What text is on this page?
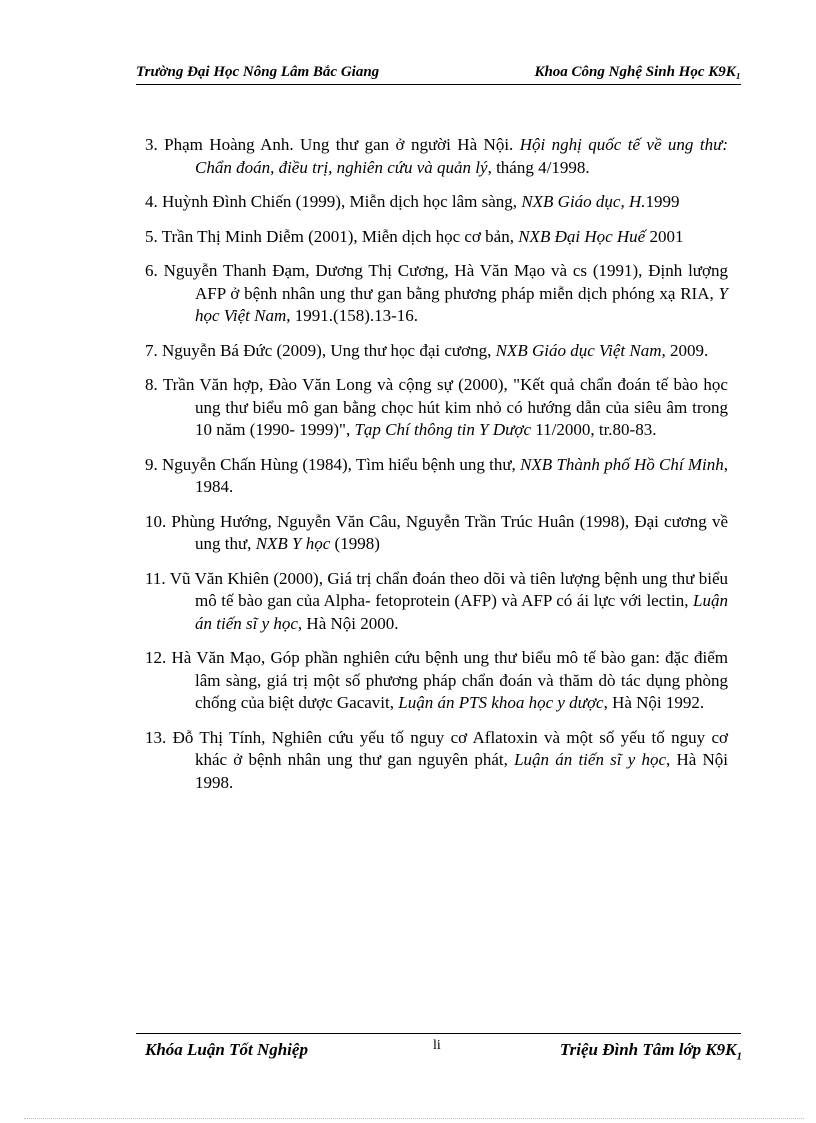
Trường Đại Học Nông Lâm Bắc Giang	Khoa Công Nghệ Sinh Học K9K₁
3. Phạm Hoàng Anh. Ung thư gan ở người Hà Nội. Hội nghị quốc tế về ung thư: Chẩn đoán, điều trị, nghiên cứu và quản lý, tháng 4/1998.
4. Huỳnh Đình Chiến (1999), Miễn dịch học lâm sàng, NXB Giáo dục, H.1999
5. Trần Thị Minh Diễm (2001), Miễn dịch học cơ bản, NXB Đại Học Huế 2001
6. Nguyễn Thanh Đạm, Dương Thị Cương, Hà Văn Mạo và cs (1991), Định lượng AFP ở bệnh nhân ung thư gan bằng phương pháp miễn dịch phóng xạ RIA, Y học Việt Nam, 1991.(158).13-16.
7. Nguyễn Bá Đức (2009), Ung thư học đại cương, NXB Giáo dục Việt Nam, 2009.
8. Trần Văn hợp, Đào Văn Long và cộng sự (2000), "Kết quả chẩn đoán tế bào học ung thư biểu mô gan bằng chọc hút kim nhỏ có hướng dẫn của siêu âm trong 10 năm (1990- 1999)", Tạp Chí thông tin Y Dược 11/2000, tr.80-83.
9. Nguyễn Chấn Hùng (1984), Tìm hiểu bệnh ung thư, NXB Thành phố Hồ Chí Minh, 1984.
10. Phùng Hướng, Nguyễn Văn Câu, Nguyễn Trần Trúc Huân (1998), Đại cương về ung thư, NXB Y học (1998)
11. Vũ Văn Khiên (2000), Giá trị chẩn đoán theo dõi và tiên lượng bệnh ung thư biểu mô tế bào gan của Alpha- fetoprotein (AFP) và AFP có ái lực với lectin, Luận án tiến sĩ y học, Hà Nội 2000.
12. Hà Văn Mạo, Góp phần nghiên cứu bệnh ung thư biểu mô tế bào gan: đặc điểm lâm sàng, giá trị một số phương pháp chẩn đoán và thăm dò tác dụng phòng chống của biệt dược Gacavit, Luận án PTS khoa học y dược, Hà Nội 1992.
13. Đỗ Thị Tính, Nghiên cứu yếu tố nguy cơ Aflatoxin và một số yếu tố nguy cơ khác ở bệnh nhân ung thư gan nguyên phát, Luận án tiến sĩ y học, Hà Nội 1998.
Khóa Luận Tốt Nghiệp	li	Triệu Đình Tâm lớp $K9K_1$
